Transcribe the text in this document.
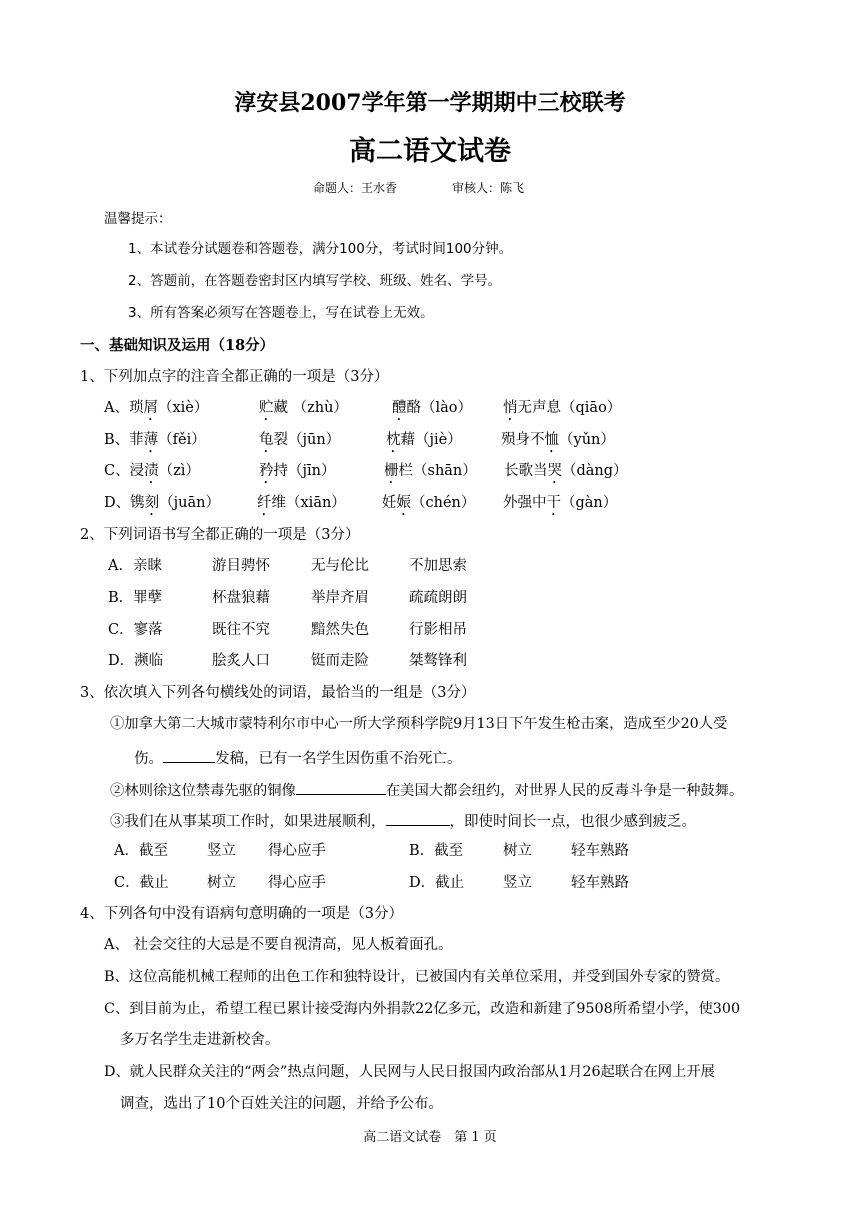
淳安县2007学年第一学期期中三校联考
高二语文试卷
命题人：王水香	审核人：陈飞
温馨提示：
1、本试卷分试题卷和答题卷，满分100分，考试时间100分钟。
2、答题前，在答题卷密封区内填写学校、班级、姓名、学号。
3、所有答案必须写在答题卷上，写在试卷上无效。
一、基础知识及运用（18分）
1、下列加点字的注音全都正确的一项是（3分）
A、琐屑（xiè）	贮藏 （zhù）	醴酪（lào） 悄无声息（qiāo）
B、菲薄（fěi）	龟裂（jūn）	枕藉（jiè）	殒身不恤（yǔn）
C、浸渍（zì）	矜持（jīn）	栅栏（shān） 长歌当哭（dàng）
D、镌刻（juān）	纤维（xiān） 妊娠（chén） 外强中干（gàn）
2、下列词语书写全都正确的一项是（3分）
A．亲睐	游目骋怀	无与伦比	不加思索
B．罪孽	杯盘狼藉	举岸齐眉	疏疏朗朗
C．寥落	既往不究	黯然失色	行影相吊
D．濒临	脍炙人口	铤而走险	桀骜锋利
3、依次填入下列各句横线处的词语，最恰当的一组是（3分）
①加拿大第二大城市蒙特利尔市中心一所大学预科学院9月13日下午发生枪击案，造成至少20人受
伤。	发稿，已有一名学生因伤重不治死亡。
②林则徐这位禁毒先驱的铜像	在美国大都会纽约，对世界人民的反毒斗争是一种鼓舞。
③我们在从事某项工作时，如果进展顺利，	，即使时间长一点，也很少感到疲乏。
A．截至	竖立 得心应手	B．截至	树立	轻车熟路
C．截止	树立 得心应手	D．截止	竖立	轻车熟路
4、下列各句中没有语病句意明确的一项是（3分）
A、 社会交往的大忌是不要自视清高，见人板着面孔。
B、这位高能机械工程师的出色工作和独特设计，已被国内有关单位采用，并受到国外专家的赞赏。
C、到目前为止，希望工程已累计接受海内外捐款22亿多元，改造和新建了9508所希望小学，使300
多万名学生走进新校舍。
D、就人民群众关注的“两会”热点问题，人民网与人民日报国内政治部从1月26起联合在网上开展
调查，选出了10个百姓关注的问题，并给予公布。
高二语文试卷　第 1 页
